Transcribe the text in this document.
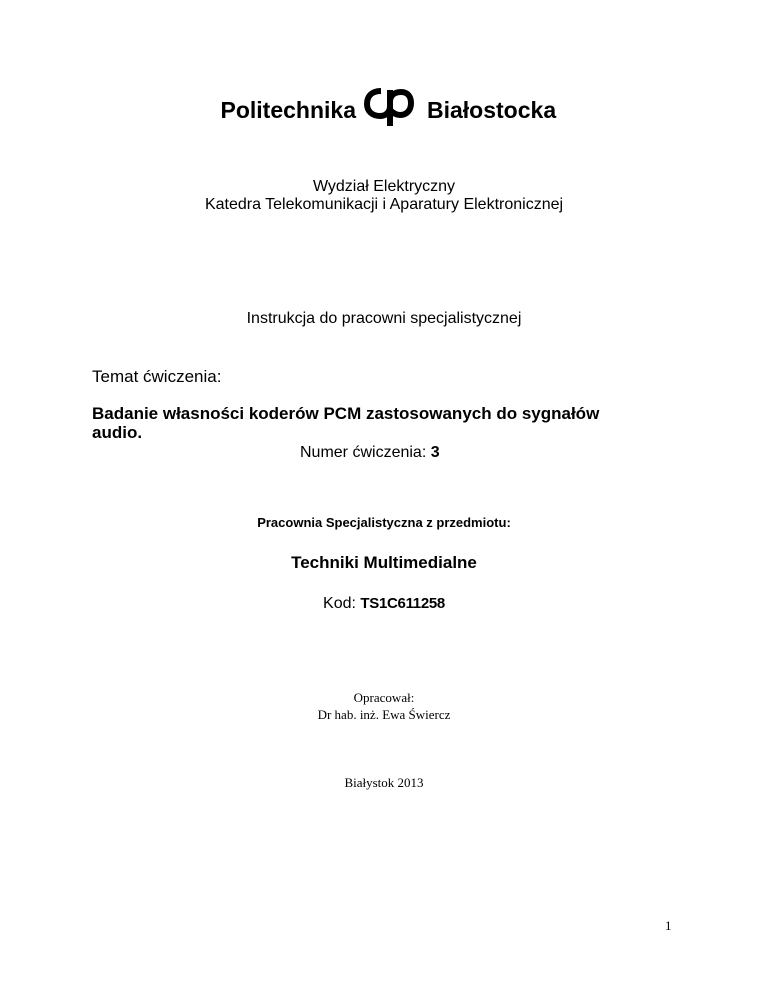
Politechnika	Białostocka
Wydział Elektryczny
Katedra Telekomunikacji i Aparatury Elektronicznej
Instrukcja do pracowni specjalistycznej
Temat ćwiczenia:
Badanie własności koderów PCM zastosowanych do sygnałów
audio.
Numer ćwiczenia: 3
Pracownia Specjalistyczna z przedmiotu:
Techniki Multimedialne
Kod: TS1C611258
Opracował:
Dr hab. inż. Ewa Świercz
Białystok 2013
1
